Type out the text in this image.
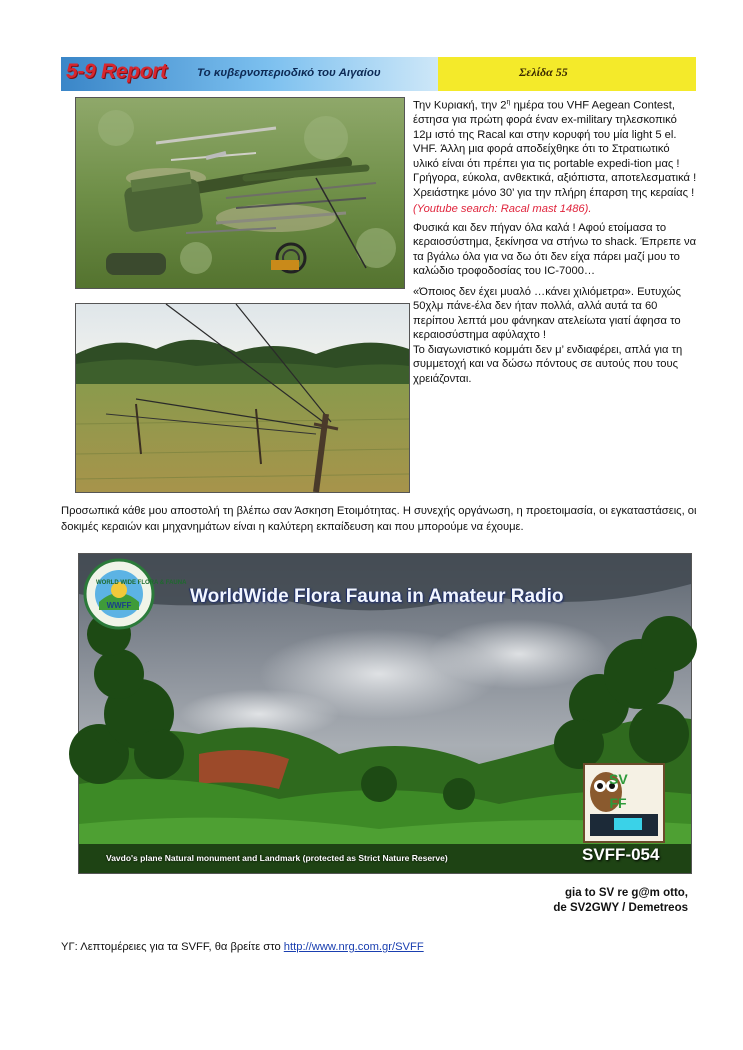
5-9 Report	Το κυβερνοπεριοδικό του Αιγαίου	Σελίδα 55

Την Κυριακή, την $2^\eta$ ημέρα του VHF Aegean Contest, έστησα για πρώτη φορά έναν ex-military τηλεσκοπικό 12μ ιστό της Racal και στην κορυφή του μία light 5 el. VHF. Άλλη μια φορά αποδείχθηκε ότι το Στρατιωτικό υλικό είναι ότι πρέπει για τις portable expedi-tion μας ! Γρήγορα, εύκολα, ανθεκτικά, αξιόπιστα, αποτελεσματικά ! Χρειάστηκε μόνο 30’ για την πλήρη έπαρση της κεραίας !

(Youtube search: Racal mast 1486).

Φυσικά και δεν πήγαν όλα καλά ! Αφού ετοίμασα το κεραιοσύστημα, ξεκίνησα να στήνω το shack. Έπρεπε να τα βγάλω όλα για να δω ότι δεν είχα πάρει μαζί μου το καλώδιο τροφοδοσίας του IC-7000…

«Όποιος δεν έχει μυαλό …κάνει χιλιόμετρα». Ευτυχώς 50χλμ πάνε-έλα δεν ήταν πολλά, αλλά αυτά τα 60 περίπου λεπτά μου φάνηκαν ατελείωτα γιατί άφησα το κεραιοσύστημα αφύλαχτο !

Το διαγωνιστικό κομμάτι δεν μ’ ενδιαφέρει, απλά για τη συμμετοχή και να δώσω πόντους σε αυτούς που τους χρειάζονται.

Προσωπικά κάθε μου αποστολή τη βλέπω σαν Άσκηση Ετοιμότητας. Η συνεχής οργάνωση, η προετοιμασία, οι εγκαταστάσεις, οι δοκιμές κεραιών και μηχανημάτων είναι η καλύτερη εκπαίδευση και που μπορούμε να έχουμε.
WORLD WIDE FLORA & FAUNA
WWFF	WorldWide Flora Fauna in Amateur Radio
SV
FF
Vavdo's plane Natural monument and Landmark (protected as Strict Nature Reserve)	SVFF-054
gia to SV re g@m otto,
de SV2GWY / Demetreos
ΥΓ: Λεπτομέρειες για τα SVFF, θα βρείτε στο http://www.nrg.com.gr/SVFF
